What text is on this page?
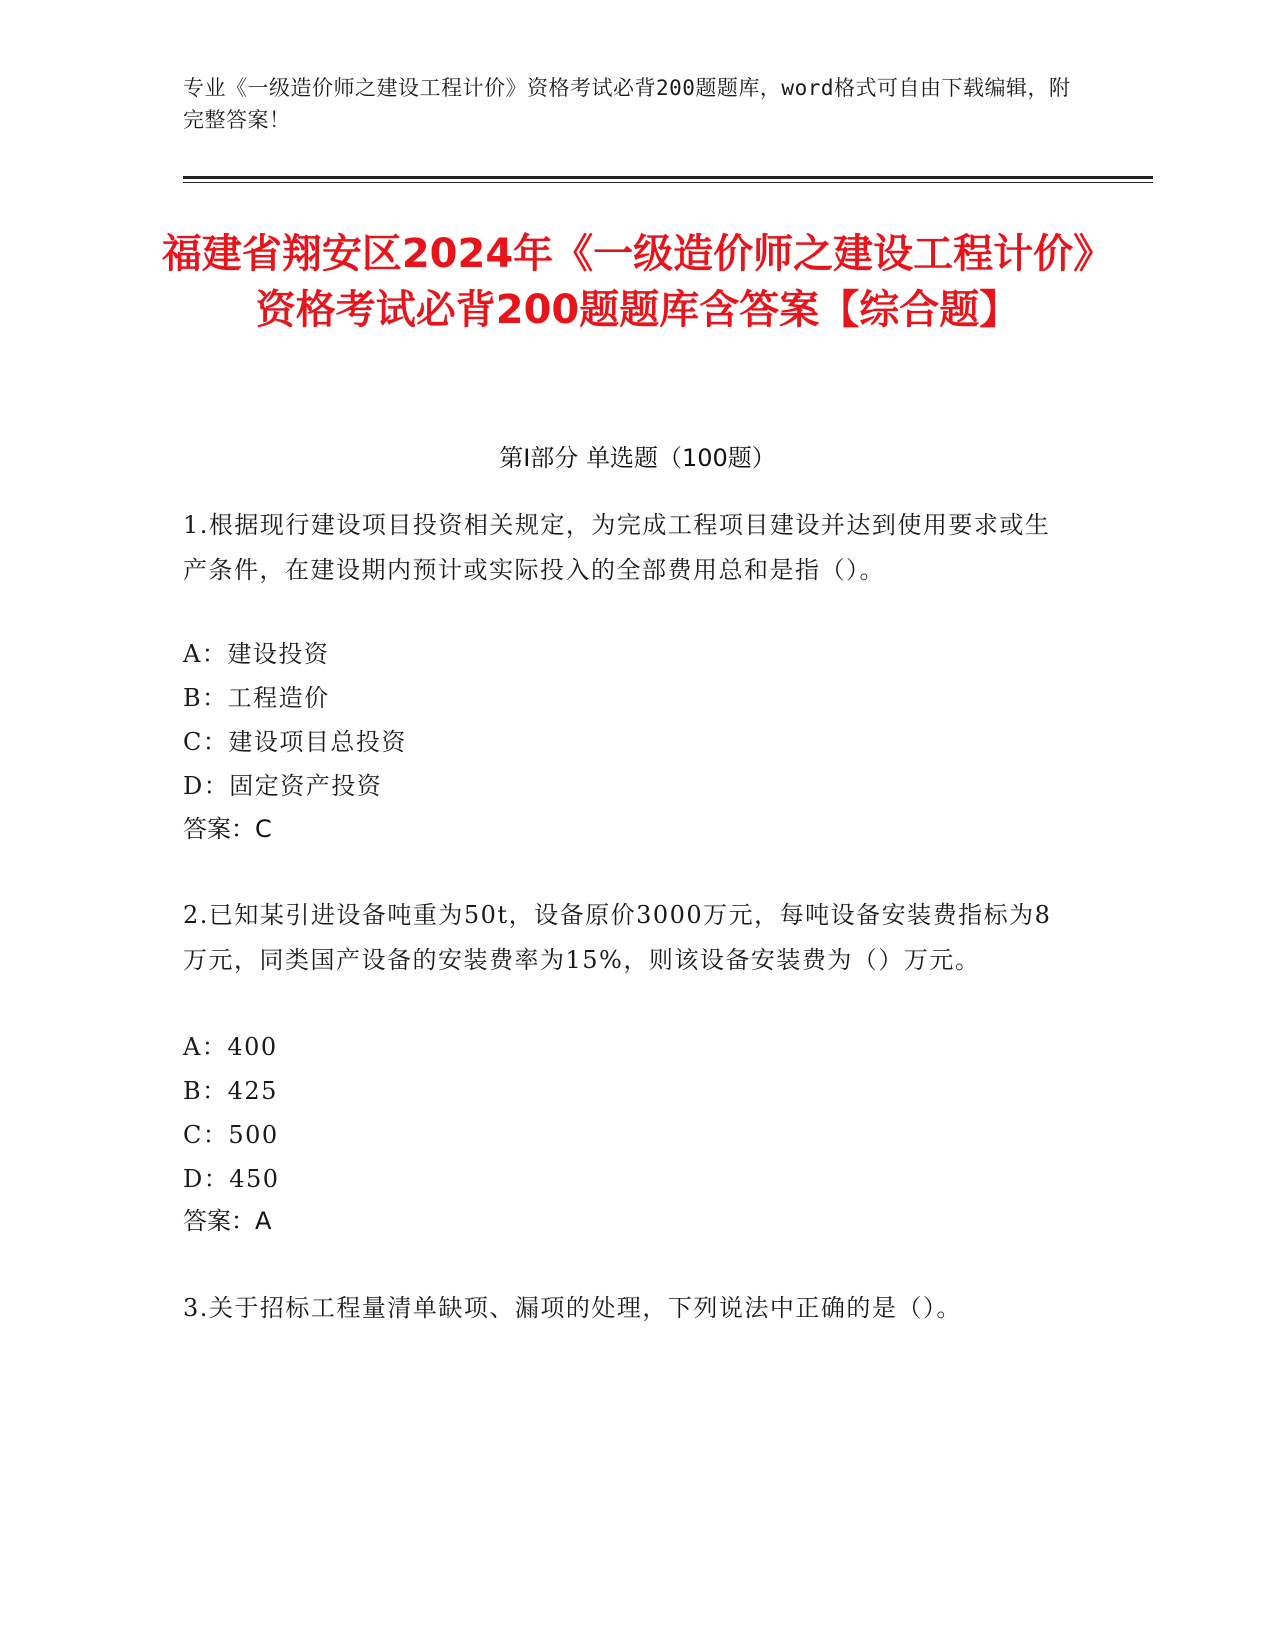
专业《一级造价师之建设工程计价》资格考试必背200题题库，word格式可自由下载编辑，附完整答案！
福建省翔安区2024年《一级造价师之建设工程计价》资格考试必背200题题库含答案【综合题】
第Ⅰ部分 单选题（100题）
1.根据现行建设项目投资相关规定，为完成工程项目建设并达到使用要求或生产条件，在建设期内预计或实际投入的全部费用总和是指（）。
A：建设投资
B：工程造价
C：建设项目总投资
D：固定资产投资
答案：C
2.已知某引进设备吨重为50t，设备原价3000万元，每吨设备安装费指标为8万元，同类国产设备的安装费率为15%，则该设备安装费为（）万元。
A：400
B：425
C：500
D：450
答案：A
3.关于招标工程量清单缺项、漏项的处理，下列说法中正确的是（）。
